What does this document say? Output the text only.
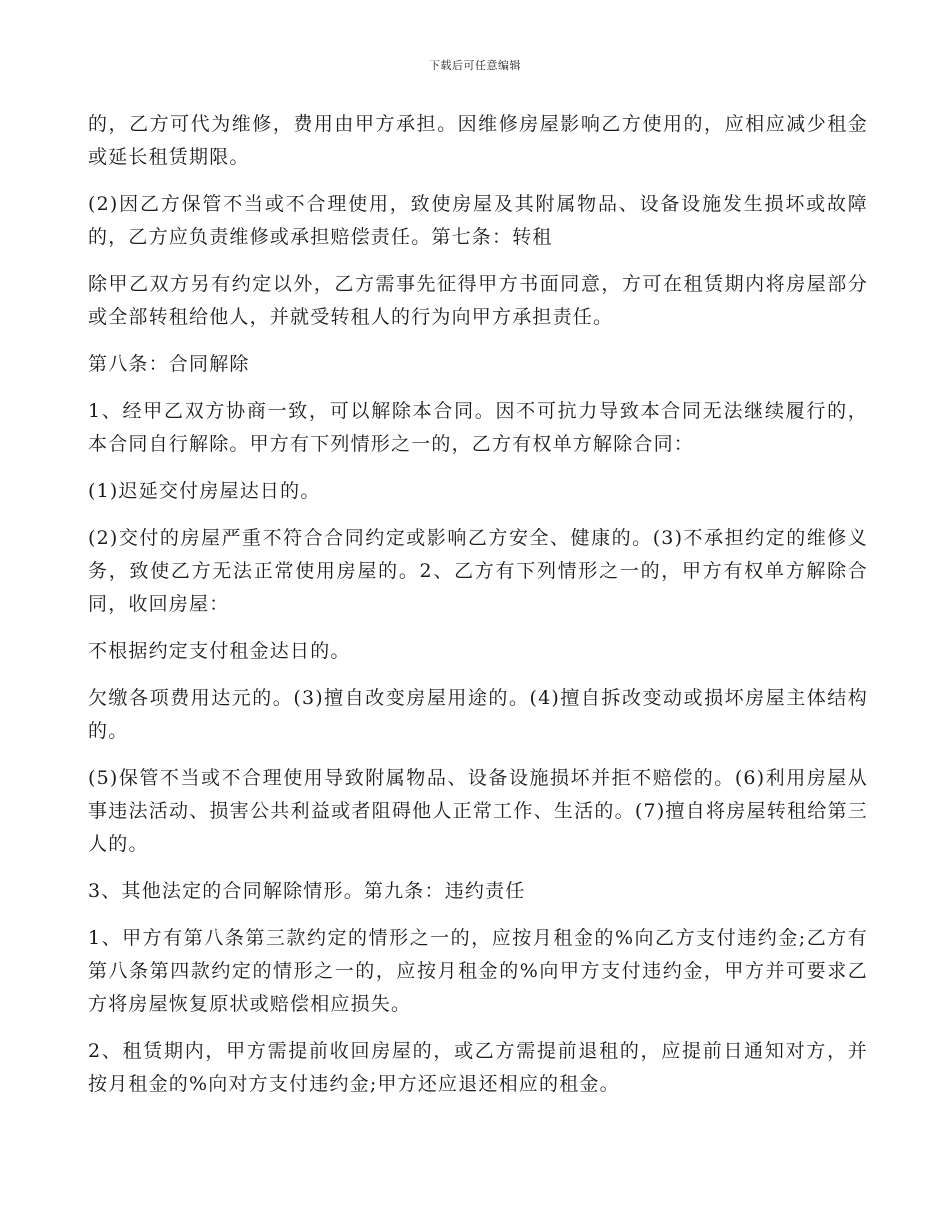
下载后可任意编辑

的，乙方可代为维修，费用由甲方承担。因维修房屋影响乙方使用的，应相应减少租金或延长租赁期限。

(2)因乙方保管不当或不合理使用，致使房屋及其附属物品、设备设施发生损坏或故障的，乙方应负责维修或承担赔偿责任。第七条：转租

除甲乙双方另有约定以外，乙方需事先征得甲方书面同意，方可在租赁期内将房屋部分或全部转租给他人，并就受转租人的行为向甲方承担责任。

第八条：合同解除

1、经甲乙双方协商一致，可以解除本合同。因不可抗力导致本合同无法继续履行的，本合同自行解除。甲方有下列情形之一的，乙方有权单方解除合同：

(1)迟延交付房屋达日的。

(2)交付的房屋严重不符合合同约定或影响乙方安全、健康的。(3)不承担约定的维修义务，致使乙方无法正常使用房屋的。2、乙方有下列情形之一的，甲方有权单方解除合同，收回房屋：

不根据约定支付租金达日的。

欠缴各项费用达元的。(3)擅自改变房屋用途的。(4)擅自拆改变动或损坏房屋主体结构的。

(5)保管不当或不合理使用导致附属物品、设备设施损坏并拒不赔偿的。(6)利用房屋从事违法活动、损害公共利益或者阻碍他人正常工作、生活的。(7)擅自将房屋转租给第三人的。

3、其他法定的合同解除情形。第九条：违约责任

1、甲方有第八条第三款约定的情形之一的，应按月租金的%向乙方支付违约金;乙方有第八条第四款约定的情形之一的，应按月租金的%向甲方支付违约金，甲方并可要求乙方将房屋恢复原状或赔偿相应损失。

2、租赁期内，甲方需提前收回房屋的，或乙方需提前退租的，应提前日通知对方，并按月租金的%向对方支付违约金;甲方还应退还相应的租金。
